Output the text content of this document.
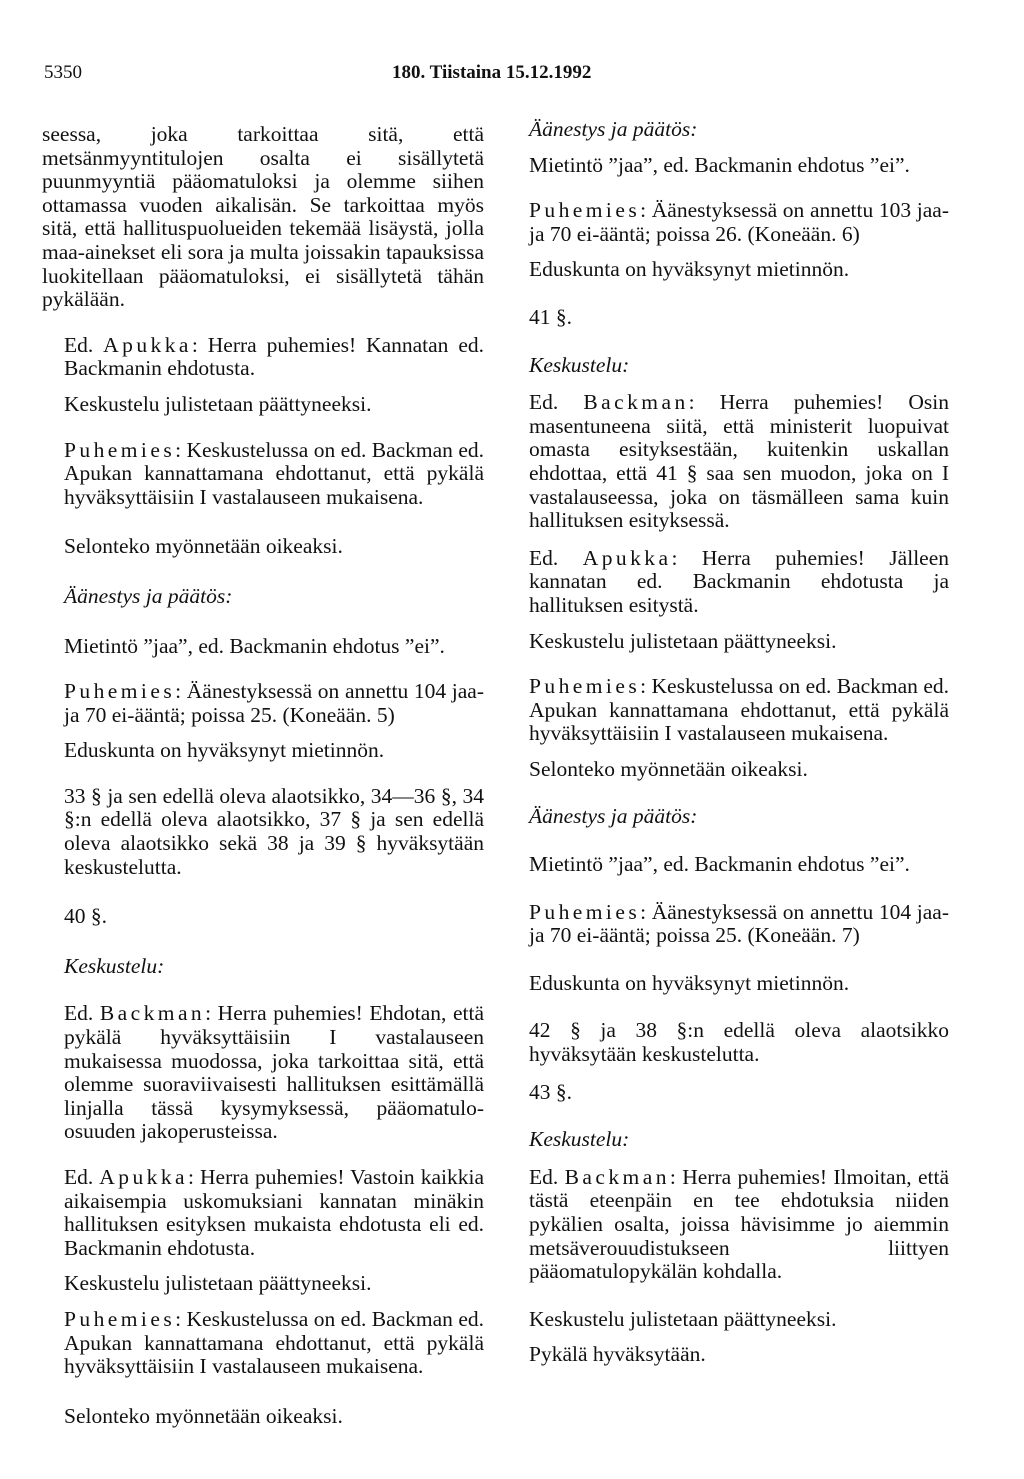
5350	180. Tiistaina 15.12.1992

seessa, joka tarkoittaa sitä, että metsänmyyntitulojen osalta ei sisällytetä puunmyyntiä pääomatuloksi ja olemme siihen ottamassa vuoden aikalisän. Se tarkoittaa myös sitä, että hallituspuolueiden tekemää lisäystä, jolla maa-ainekset eli sora ja multa joissakin tapauksissa luokitellaan pääomatuloksi, ei sisällytetä tähän pykälään.

Ed. Apukka: Herra puhemies! Kannatan ed. Backmanin ehdotusta.

Keskustelu julistetaan päättyneeksi.

Puhemies: Keskustelussa on ed. Backman ed. Apukan kannattamana ehdottanut, että pykälä hyväksyttäisiin I vastalauseen mukaisena.

Selonteko myönnetään oikeaksi.

Äänestys ja päätös:

Mietintö ”jaa”, ed. Backmanin ehdotus ”ei”.

Puhemies: Äänestyksessä on annettu 104 jaa- ja 70 ei-ääntä; poissa 25. (Koneään. 5)

Eduskunta on hyväksynyt mietinnön.

33 § ja sen edellä oleva alaotsikko, 34—36 §, 34 §:n edellä oleva alaotsikko, 37 § ja sen edellä oleva alaotsikko sekä 38 ja 39 § hyväksytään keskustelutta.

40 §.

Keskustelu:

Ed. Backman: Herra puhemies! Ehdotan, että pykälä hyväksyttäisiin I vastalauseen mukaisessa muodossa, joka tarkoittaa sitä, että olemme suoraviivaisesti hallituksen esittämällä linjalla tässä kysymyksessä, pääomatulo-osuuden jakoperusteissa.

Ed. Apukka: Herra puhemies! Vastoin kaikkia aikaisempia uskomuksiani kannatan minäkin hallituksen esityksen mukaista ehdotusta eli ed. Backmanin ehdotusta.

Keskustelu julistetaan päättyneeksi.

Puhemies: Keskustelussa on ed. Backman ed. Apukan kannattamana ehdottanut, että pykälä hyväksyttäisiin I vastalauseen mukaisena.

Selonteko myönnetään oikeaksi.

Äänestys ja päätös:

Mietintö ”jaa”, ed. Backmanin ehdotus ”ei”.

Puhemies: Äänestyksessä on annettu 103 jaa- ja 70 ei-ääntä; poissa 26. (Koneään. 6)

Eduskunta on hyväksynyt mietinnön.

41 §.

Keskustelu:

Ed. Backman: Herra puhemies! Osin masentuneena siitä, että ministerit luopuivat omasta esityksestään, kuitenkin uskallan ehdottaa, että 41 § saa sen muodon, joka on I vastalauseessa, joka on täsmälleen sama kuin hallituksen esityksessä.

Ed. Apukka: Herra puhemies! Jälleen kannatan ed. Backmanin ehdotusta ja hallituksen esitystä.

Keskustelu julistetaan päättyneeksi.

Puhemies: Keskustelussa on ed. Backman ed. Apukan kannattamana ehdottanut, että pykälä hyväksyttäisiin I vastalauseen mukaisena.

Selonteko myönnetään oikeaksi.

Äänestys ja päätös:

Mietintö ”jaa”, ed. Backmanin ehdotus ”ei”.

Puhemies: Äänestyksessä on annettu 104 jaa- ja 70 ei-ääntä; poissa 25. (Koneään. 7)

Eduskunta on hyväksynyt mietinnön.

42 § ja 38 §:n edellä oleva alaotsikko hyväksytään keskustelutta.

43 §.

Keskustelu:

Ed. Backman: Herra puhemies! Ilmoitan, että tästä eteenpäin en tee ehdotuksia niiden pykälien osalta, joissa hävisimme jo aiemmin metsäverouudistukseen liittyen pääomatulopykälän kohdalla.

Keskustelu julistetaan päättyneeksi.

Pykälä hyväksytään.
